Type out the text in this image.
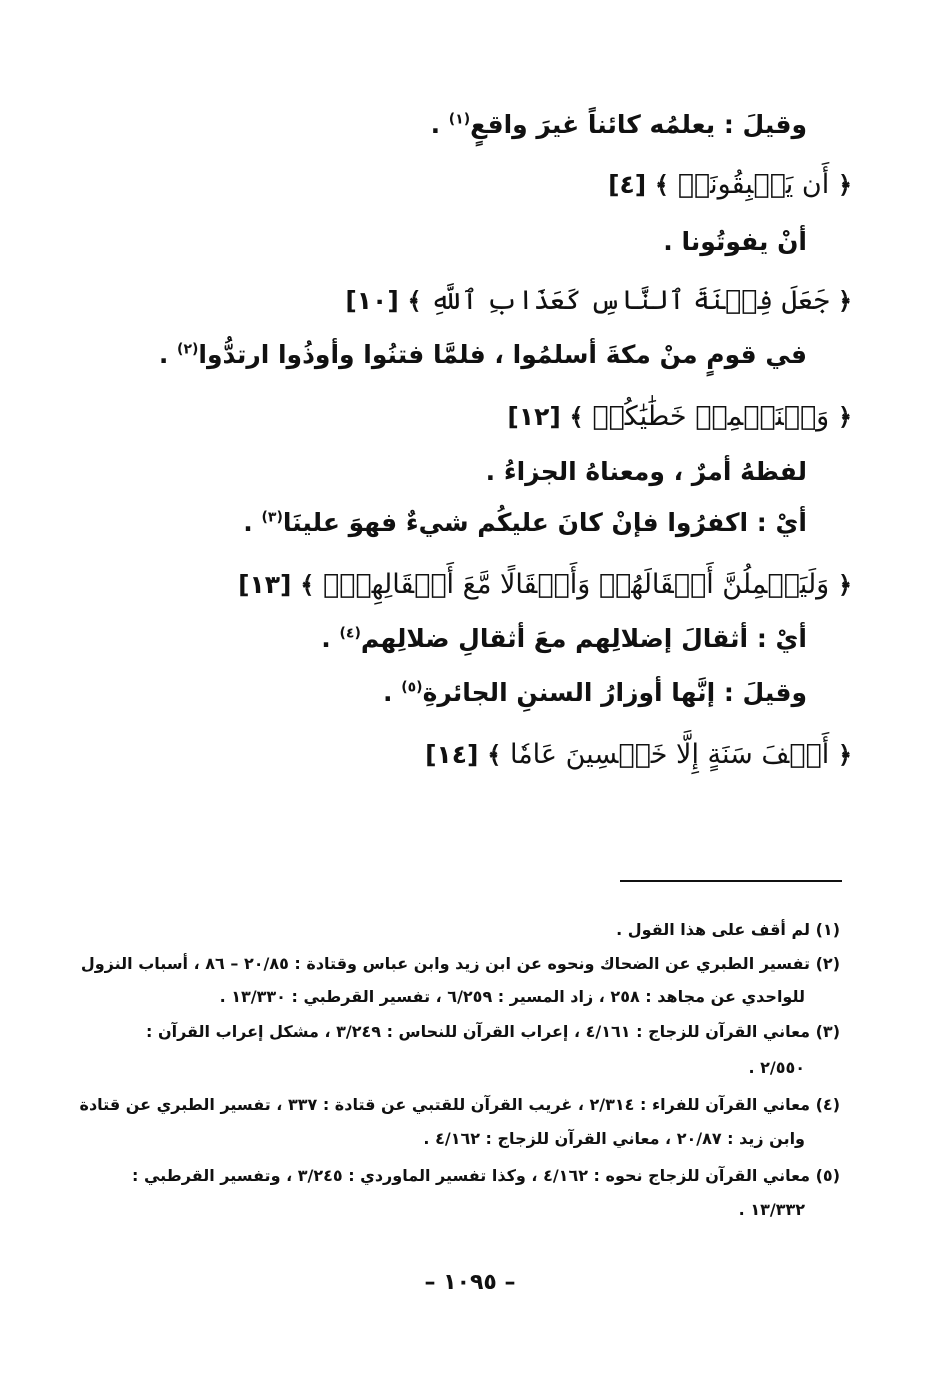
وقيلَ : يعلمُه كائناً غيرَ واقعٍ$^{(١)}$ .
﴿ أَن يَسۡبِقُونَاۚ ﴾ [٤]
أنْ يفوتُونا .
﴿ جَعَلَ فِتۡنَةَ ٱلنَّاسِ كَعَذَابِ ٱللَّهِ ﴾ [١٠]
في قومٍ منْ مكةَ أسلمُوا ، فلمَّا فتنُوا وأوذُوا ارتدُّوا$^{(٢)}$ .
﴿ وَلۡنَحۡمِلۡ خَطَٰيَٰكُمۡ ﴾ [١٢]
لفظهُ أمرٌ ، ومعناهُ الجزاءُ .
أيْ : اكفرُوا فإنْ كانَ عليكُم شيءٌ فهوَ علينَا$^{(٣)}$ .
﴿ وَلَيَحۡمِلُنَّ أَثۡقَالَهُمۡ وَأَثۡقَالًا مَّعَ أَثۡقَالِهِمۡۖ ﴾ [١٣]
أيْ : أثقالَ إضلالِهم معَ أثقالِ ضلالِهم$^{(٤)}$ .
وقيلَ : إنَّها أوزارُ السننِ الجائرةِ$^{(٥)}$ .
﴿ أَلۡفَ سَنَةٍ إِلَّا خَمۡسِينَ عَامٗا ﴾ [١٤]
(١) لم أقف على هذا القول .
(٢) تفسير الطبري عن الضحاك ونحوه عن ابن زيد وابن عباس وقتادة : ٢٠/٨٥ – ٨٦ ، أسباب النزول
للواحدي عن مجاهد : ٢٥٨ ، زاد المسير : ٦/٢٥٩ ، تفسير القرطبي : ١٣/٣٣٠ .
(٣) معاني القرآن للزجاج : ٤/١٦١ ، إعراب القرآن للنحاس : ٣/٢٤٩ ، مشكل إعراب القرآن :
٢/٥٥٠ .
(٤) معاني القرآن للفراء : ٢/٣١٤ ، غريب القرآن للقتبي عن قتادة : ٣٣٧ ، تفسير الطبري عن قتادة
وابن زيد : ٢٠/٨٧ ، معاني القرآن للزجاج : ٤/١٦٢ .
(٥) معاني القرآن للزجاج نحوه : ٤/١٦٢ ، وكذا تفسير الماوردي : ٣/٢٤٥ ، وتفسير القرطبي :
١٣/٣٣٢ .
– ١٠٩٥ –
